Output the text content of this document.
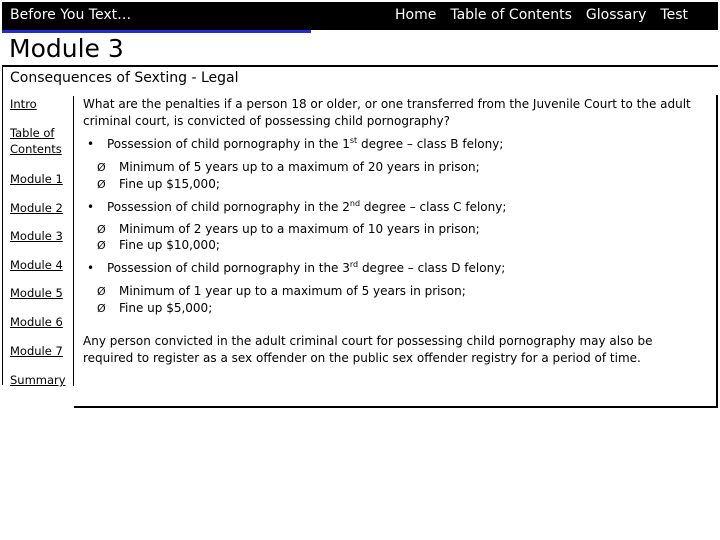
Before You Text…	Home Table of Contents Glossary Test
Module 3
Consequences of Sexting - Legal
Intro
Table of
Contents
Module 1
Module 2
Module 3
Module 4
Module 5
Module 6
Module 7
Summary
What are the penalties if a person 18 or older, or one transferred from the Juvenile Court to the adult criminal court, is convicted of possessing child pornography?
• Possession of child pornography in the 1st degree – class B felony;
Ø Minimum of 5 years up to a maximum of 20 years in prison;
Ø Fine up $15,000;
• Possession of child pornography in the 2nd degree – class C felony;
Ø Minimum of 2 years up to a maximum of 10 years in prison;
Ø Fine up $10,000;
• Possession of child pornography in the 3rd degree – class D felony;
Ø Minimum of 1 year up to a maximum of 5 years in prison;
Ø Fine up $5,000;
Any person convicted in the adult criminal court for possessing child pornography may also be required to register as a sex offender on the public sex offender registry for a period of time.
